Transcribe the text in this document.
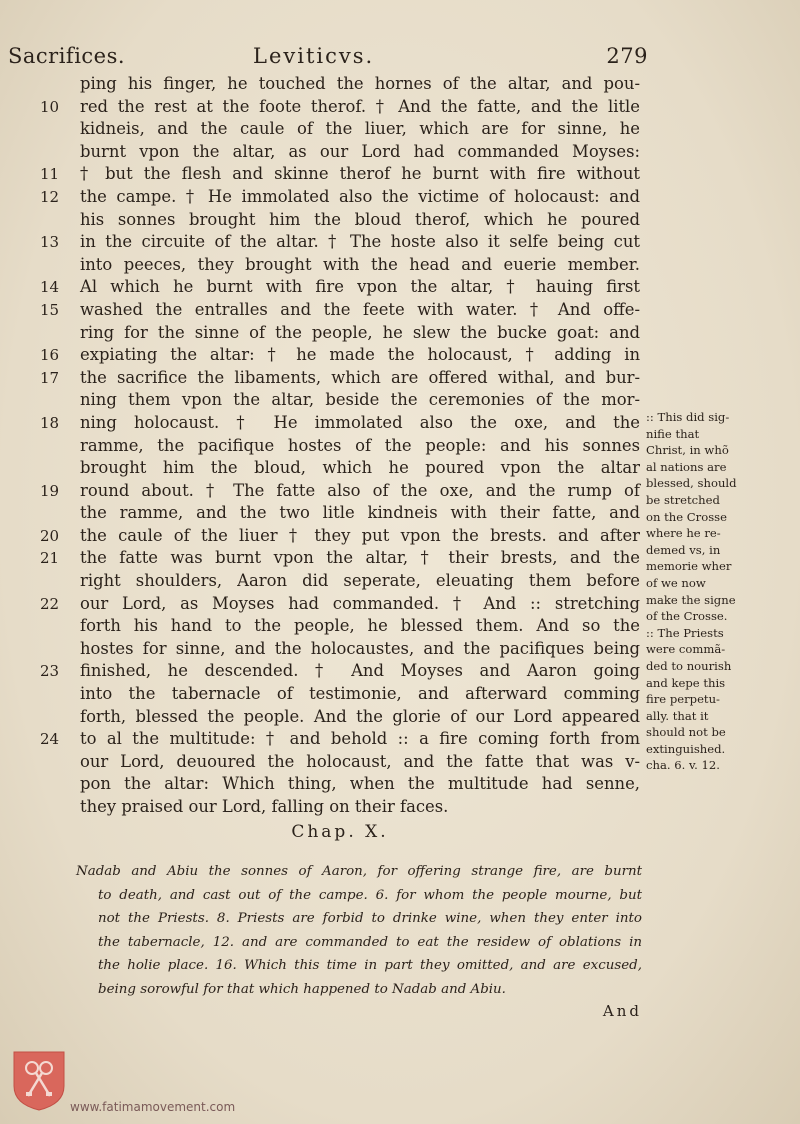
Sacrifices.	Leviticvs.	279
ping his finger, he touched the hornes of the altar, and pou-
10	red the rest at the foote therof. † And the fatte, and the litle
kidneis, and the caule of the liuer, which are for sinne, he
burnt vpon the altar, as our Lord had commanded Moyses:
11	† but the flesh and skinne therof he burnt with fire without
12	the campe. † He immolated also the victime of holocaust: and
his sonnes brought him the bloud therof, which he poured
13	in the circuite of the altar. † The hoste also it selfe being cut
into peeces, they brought with the head and euerie member.
14	Al which he burnt with fire vpon the altar, † hauing first
15	washed the entralles and the feete with water. † And offe-
ring for the sinne of the people, he slew the bucke goat: and
16	expiating the altar: † he made the holocaust, † adding in
17	the sacrifice the libaments, which are offered withal, and bur-
ning them vpon the altar, beside the ceremonies of the mor-
18	ning holocaust. † He immolated also the oxe, and the
ramme, the pacifique hostes of the people: and his sonnes
brought him the bloud, which he poured vpon the altar
19	round about. † The fatte also of the oxe, and the rump of
the ramme, and the two litle kindneis with their fatte, and
20	the caule of the liuer † they put vpon the brests. and after
21	the fatte was burnt vpon the altar, † their brests, and the
right shoulders, Aaron did seperate, eleuating them before
22	our Lord, as Moyses had commanded. † And :: stretching
forth his hand to the people, he blessed them. And so the
hostes for sinne, and the holocaustes, and the pacifiques being
23	finished, he descended. † And Moyses and Aaron going
into the tabernacle of testimonie, and afterward comming
forth, blessed the people. And the glorie of our Lord appeared
24	to al the multitude: † and behold :: a fire coming forth from
our Lord, deuoured the holocaust, and the fatte that was v-
pon the altar: Which thing, when the multitude had senne,
they praised our Lord, falling on their faces.
:: This did sig-
nifie that
Christ, in whõ
al nations are
blessed, should
be stretched
on the Crosse
where he re-
demed vs, in
memorie wher
of we now
make the signe
of the Crosse.
:: The Priests
were commã-
ded to nourish
and kepe this
fire perpetu-
ally. that it
should not be
extinguished.
cha. 6. v. 12.
Chap. X.
Nadab and Abiu the sonnes of Aaron, for offering strange fire, are burnt
to death, and cast out of the campe. 6. for whom the people mourne, but
not the Priests. 8. Priests are forbid to drinke wine, when they enter into
the tabernacle, 12. and are commanded to eat the residew of oblations in
the holie place. 16. Which this time in part they omitted, and are excused,
being sorowful for that which happened to Nadab and Abiu.
And
www.fatimamovement.com
